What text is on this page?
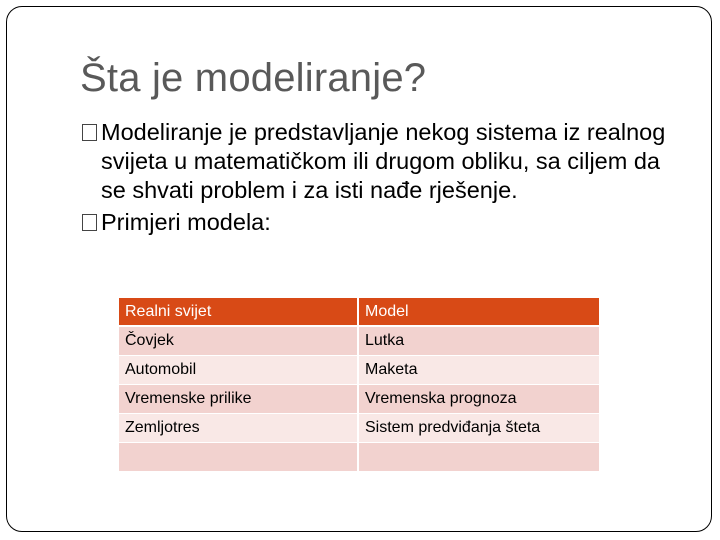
Šta je modeliranje?
Modeliranje je predstavljanje nekog sistema iz realnog svijeta u matematičkom ili drugom obliku, sa ciljem da se shvati problem i za isti nađe rješenje.
Primjeri modela:
Realni svijet	Model
Čovjek	Lutka
Automobil	Maketa
Vremenske prilike	Vremenska prognoza
Zemljotres	Sistem predviđanja šteta
